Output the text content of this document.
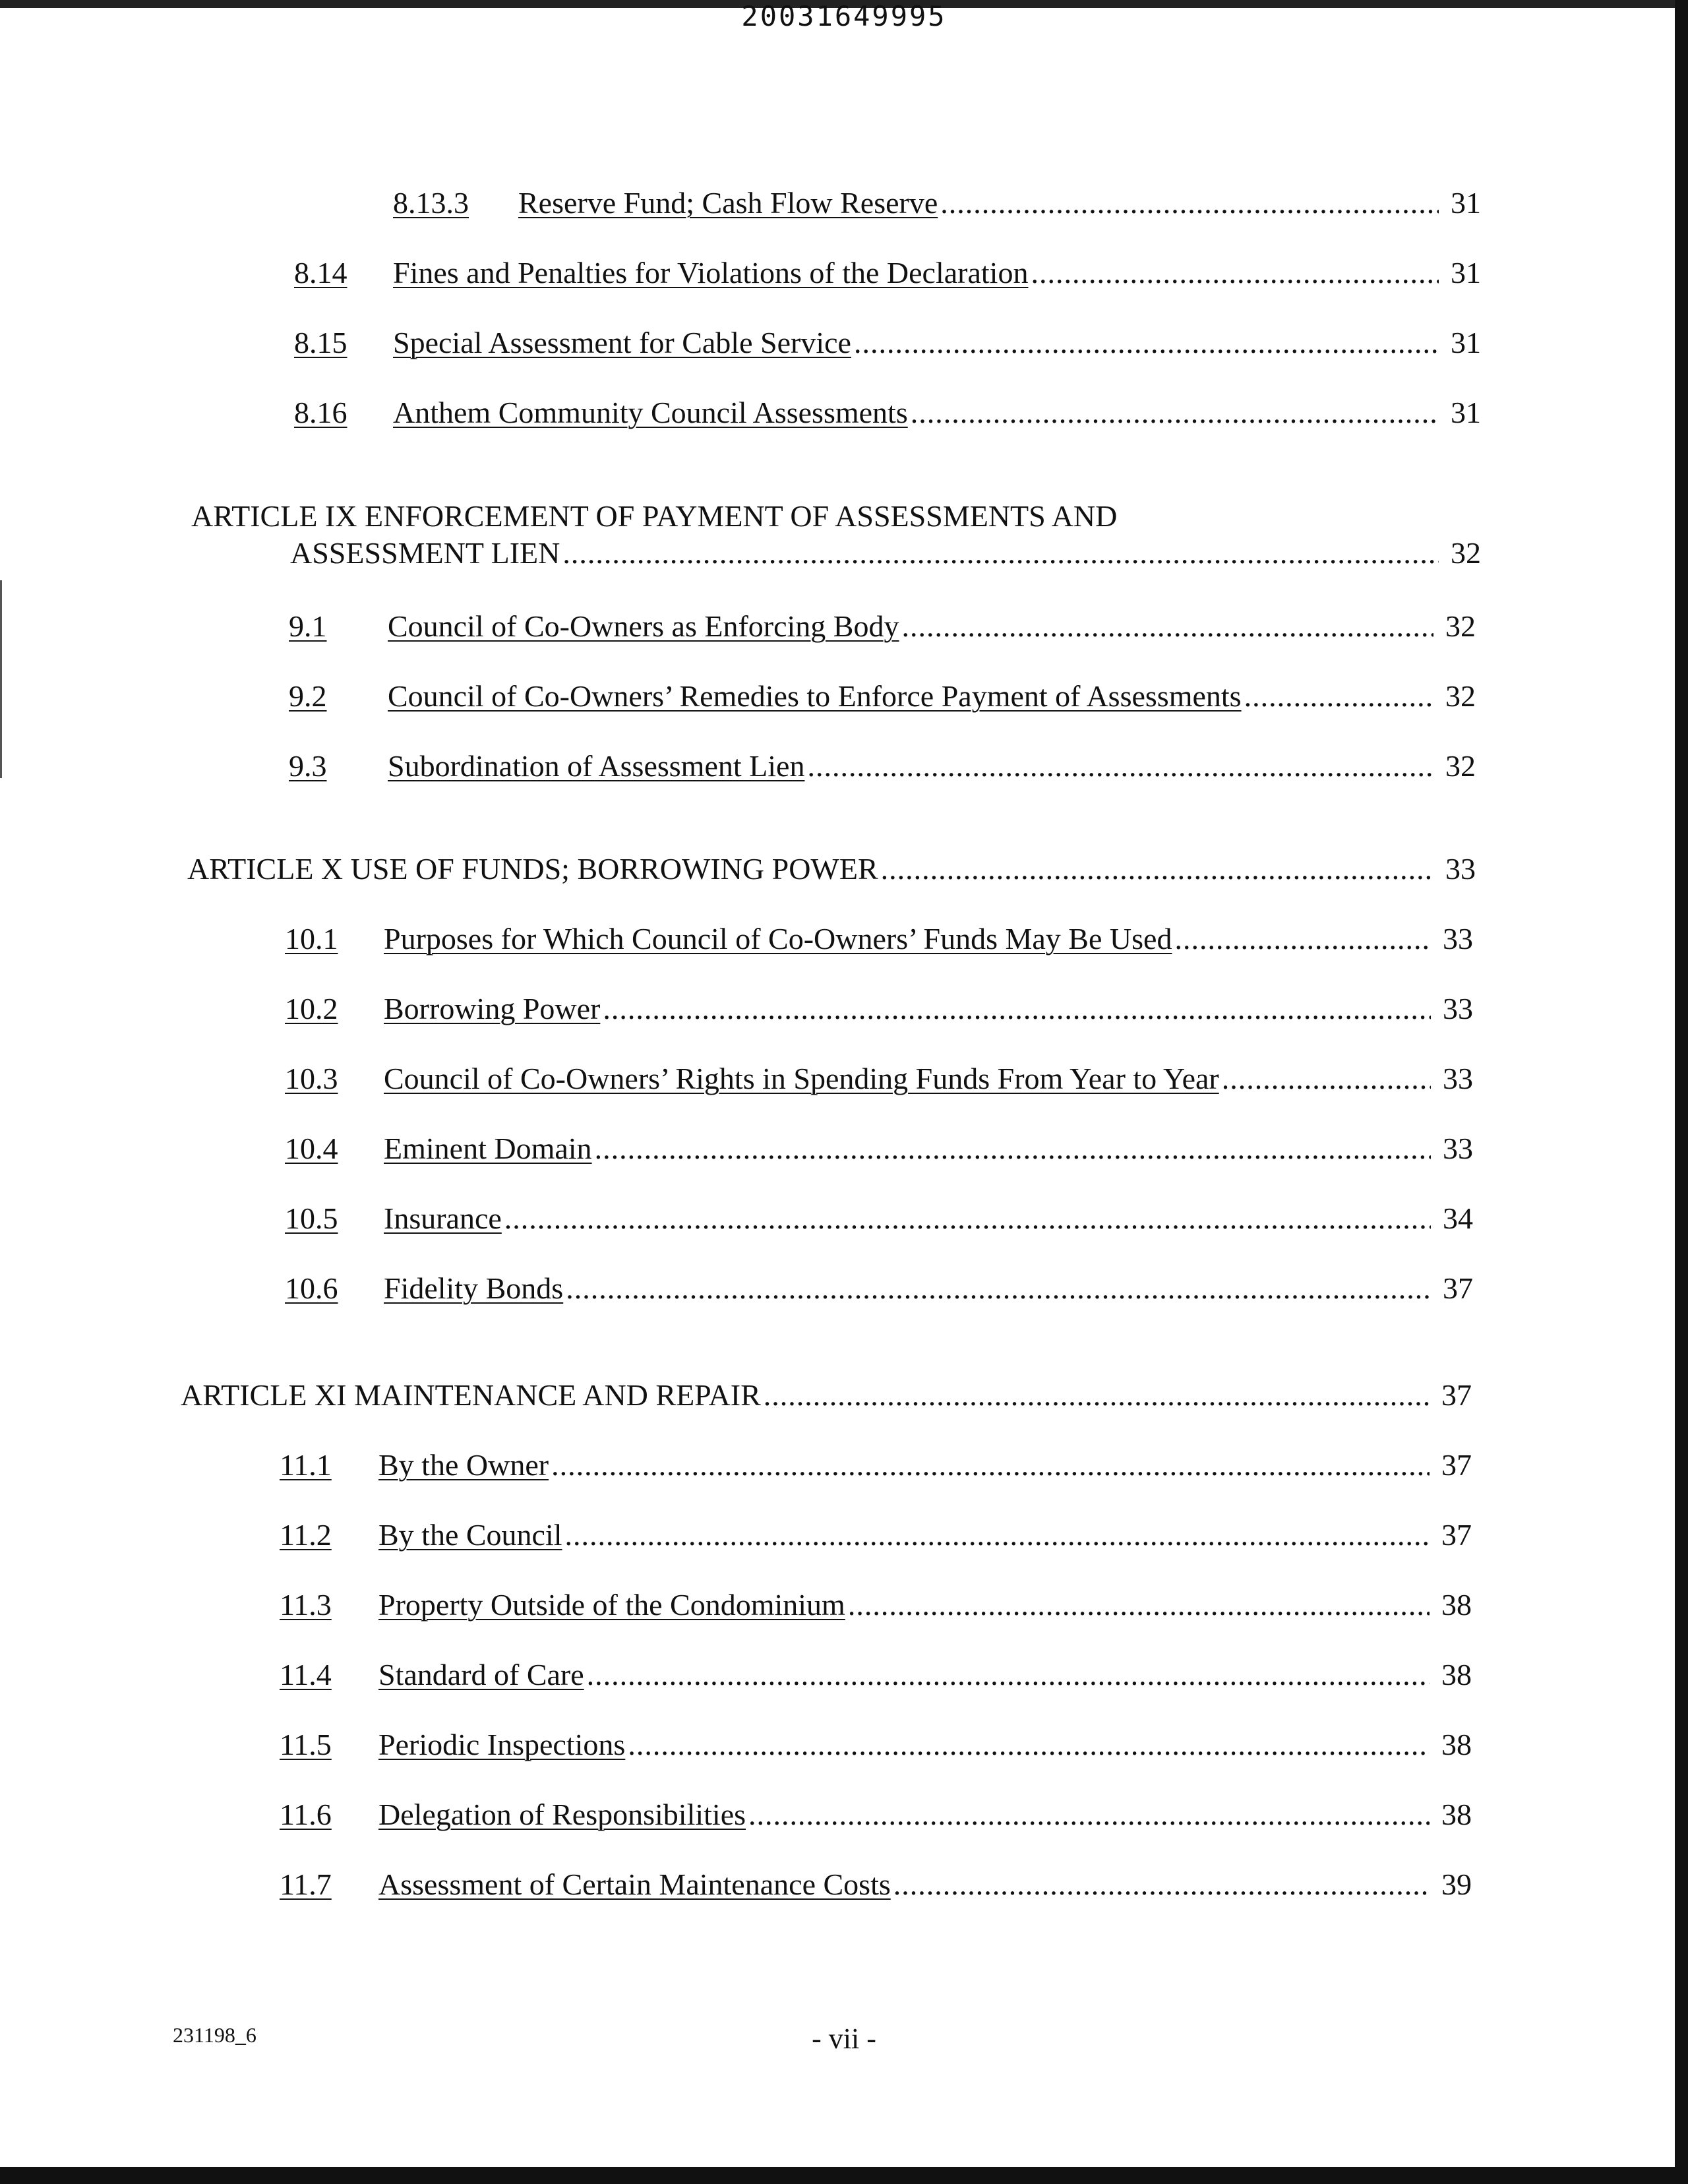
20031649995
8.13.3	Reserve Fund; Cash Flow Reserve .....	31
8.14	Fines and Penalties for Violations of the Declaration .....	31
8.15	Special Assessment for Cable Service .....	31
8.16	Anthem Community Council Assessments .....	31
ARTICLE IX ENFORCEMENT OF PAYMENT OF ASSESSMENTS AND
ASSESSMENT LIEN .....	32
9.1	Council of Co-Owners as Enforcing Body .....	32
9.2	Council of Co-Owners’ Remedies to Enforce Payment of Assessments .....	32
9.3	Subordination of Assessment Lien .....	32
ARTICLE X USE OF FUNDS; BORROWING POWER .....	33
10.1	Purposes for Which Council of Co-Owners’ Funds May Be Used .....	33
10.2	Borrowing Power .....	33
10.3	Council of Co-Owners’ Rights in Spending Funds From Year to Year .....	33
10.4	Eminent Domain .....	33
10.5	Insurance .....	34
10.6	Fidelity Bonds .....	37
ARTICLE XI MAINTENANCE AND REPAIR .....	37
11.1	By the Owner .....	37
11.2	By the Council .....	37
11.3	Property Outside of the Condominium .....	38
11.4	Standard of Care .....	38
11.5	Periodic Inspections .....	38
11.6	Delegation of Responsibilities .....	38
11.7	Assessment of Certain Maintenance Costs .....	39
231198_6	- vii -
